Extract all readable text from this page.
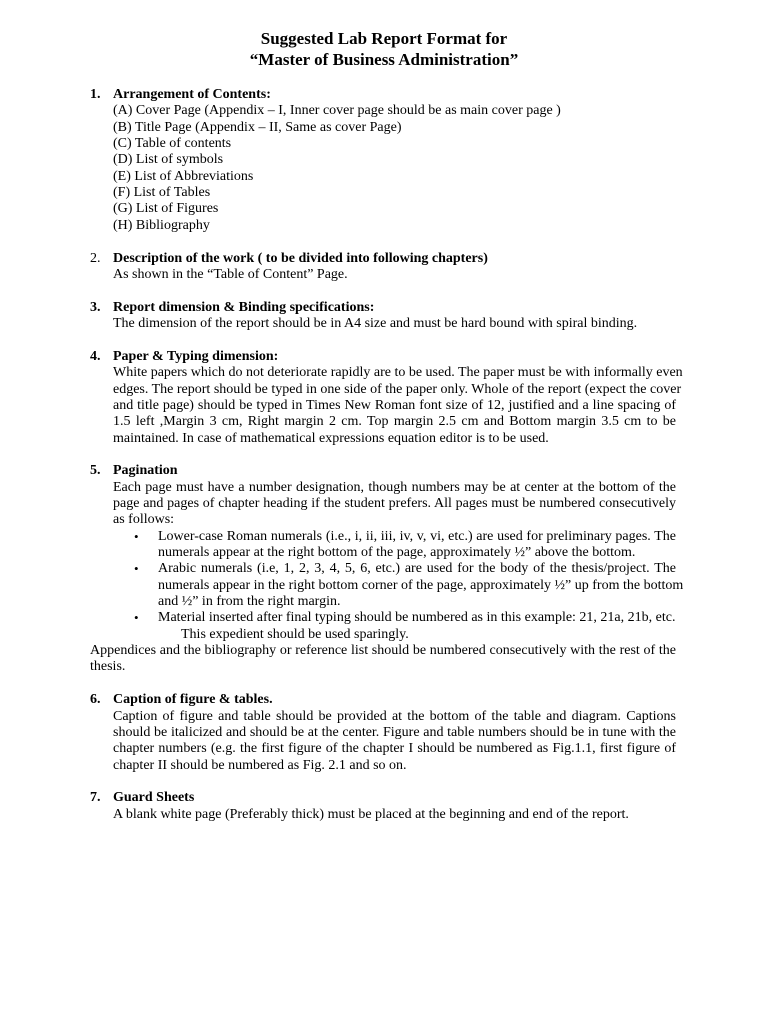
Suggested Lab Report Format for
“Master of Business Administration”
1. Arrangement of Contents:
(A) Cover Page (Appendix – I, Inner cover page should be as main cover page )
(B) Title Page (Appendix – II, Same as cover Page)
(C) Table of contents
(D) List of symbols
(E) List of Abbreviations
(F) List of Tables
(G) List of Figures
(H) Bibliography
2. Description of the work ( to be divided into following chapters)
As shown in the “Table of Content” Page.
3. Report dimension & Binding specifications:
The dimension of the report should be in A4 size and must be hard bound with spiral binding.
4. Paper & Typing dimension:
White papers which do not deteriorate rapidly are to be used. The paper must be with informally even
edges. The report should be typed in one side of the paper only. Whole of the report (expect the cover
and title page) should be typed in Times New Roman font size of 12, justified and a line spacing of
1.5 left ,Margin 3 cm, Right margin 2 cm. Top margin 2.5 cm and Bottom margin 3.5 cm to be
maintained. In case of mathematical expressions equation editor is to be used.
5. Pagination
Each page must have a number designation, though numbers may be at center at the bottom of the
page and pages of chapter heading if the student prefers. All pages must be numbered consecutively
as follows:
• Lower-case Roman numerals (i.e., i, ii, iii, iv, v, vi, etc.) are used for preliminary pages. The
numerals appear at the right bottom of the page, approximately ½” above the bottom.
• Arabic numerals (i.e, 1, 2, 3, 4, 5, 6, etc.) are used for the body of the thesis/project. The
numerals appear in the right bottom corner of the page, approximately ½” up from the bottom
and ½” in from the right margin.
• Material inserted after final typing should be numbered as in this example: 21, 21a, 21b, etc.
This expedient should be used sparingly.
Appendices and the bibliography or reference list should be numbered consecutively with the rest of the
thesis.
6. Caption of figure & tables.
Caption of figure and table should be provided at the bottom of the table and diagram. Captions
should be italicized and should be at the center. Figure and table numbers should be in tune with the
chapter numbers (e.g. the first figure of the chapter I should be numbered as Fig.1.1, first figure of
chapter II should be numbered as Fig. 2.1 and so on.
7. Guard Sheets
A blank white page (Preferably thick) must be placed at the beginning and end of the report.
